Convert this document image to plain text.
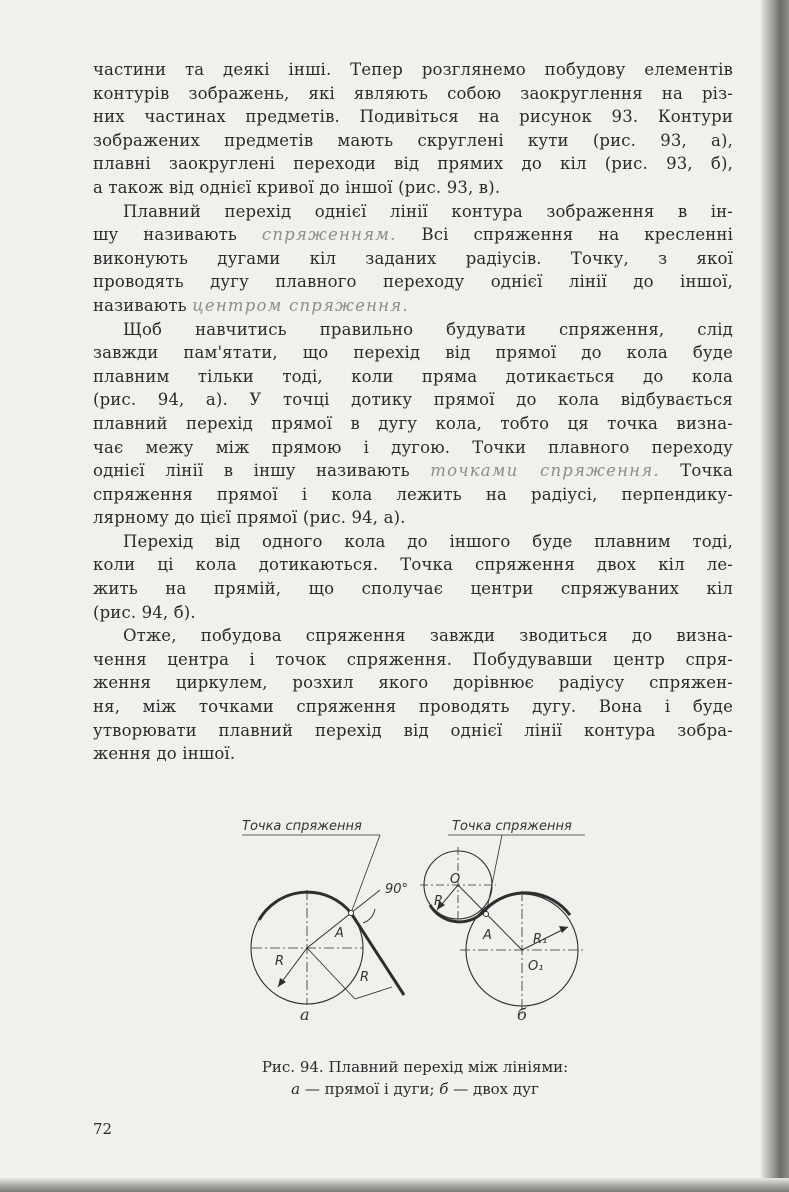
частини та деякі інші. Тепер розглянемо побудову елементів
контурів зображень, які являють собою заокруглення на різ-
них частинах предметів. Подивіться на рисунок 93. Контури
зображених предметів мають скруглені кути (рис. 93, а),
плавні заокруглені переходи від прямих до кіл (рис. 93, б),
а також від однієї кривої до іншої (рис. 93, в).
Плавний перехід однієї лінії контура зображення в ін-
шу називають спряженням. Всі спряження на кресленні
виконують дугами кіл заданих радіусів. Точку, з якої
проводять дугу плавного переходу однієї лінії до іншої,
називають центром спряження.
Щоб навчитись правильно будувати спряження, слід
завжди пам'ятати, що перехід від прямої до кола буде
плавним тільки тоді, коли пряма дотикається до кола
(рис. 94, а). У точці дотику прямої до кола відбувається
плавний перехід прямої в дугу кола, тобто ця точка визна-
чає межу між прямою і дугою. Точки плавного переходу
однієї лінії в іншу називають точками спряження. Точка
спряження прямої і кола лежить на радіусі, перпендику-
лярному до цієї прямої (рис. 94, а).
Перехід від одного кола до іншого буде плавним тоді,
коли ці кола дотикаються. Точка спряження двох кіл ле-
жить на прямій, що сполучає центри спряжуваних кіл
(рис. 94, б).
Отже, побудова спряження завжди зводиться до визна-
чення центра і точок спряження. Побудувавши центр спря-
ження циркулем, розхил якого дорівнює радіусу спряжен-
ня, між точками спряження проводять дугу. Вона і буде
утворювати плавний перехід від однієї лінії контура зобра-
ження до іншої.
Точка спряження
90°
A
R
R
а
Точка спряження
O
R
A	R₁
O₁
б
Рис. 94. Плавний перехід між лініями:
а — прямої і дуги; б — двох дуг
72
